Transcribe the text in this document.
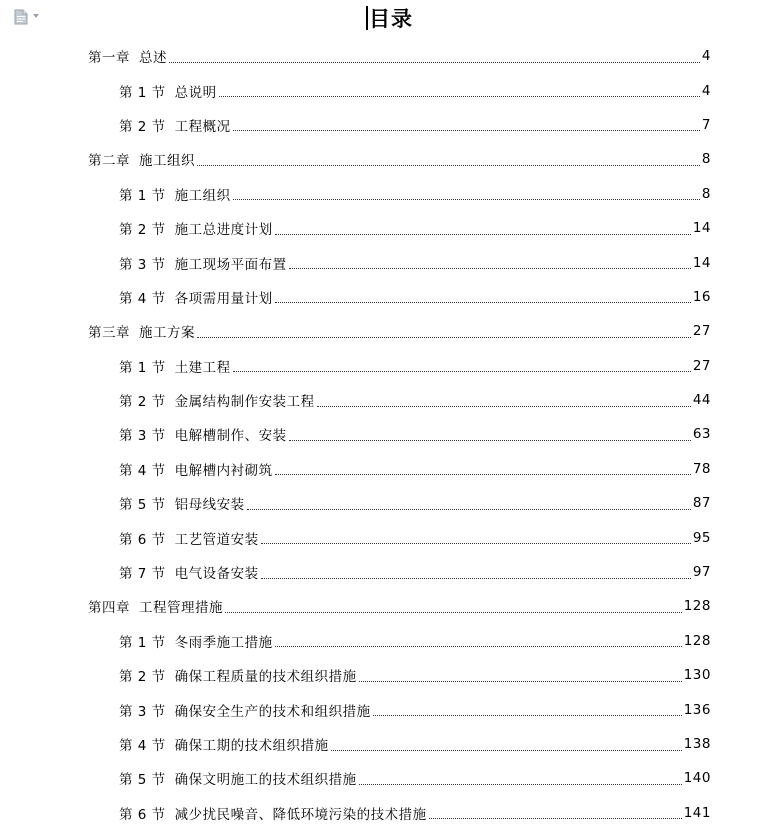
目录
第一章 总述	4
第 1 节 总说明	4
第 2 节 工程概况	7
第二章 施工组织	8
第 1 节 施工组织	8
第 2 节 施工总进度计划	14
第 3 节 施工现场平面布置	14
第 4 节 各项需用量计划	16
第三章 施工方案	27
第 1 节 土建工程	27
第 2 节 金属结构制作安装工程	44
第 3 节 电解槽制作、安装	63
第 4 节 电解槽内衬砌筑	78
第 5 节 铝母线安装	87
第 6 节 工艺管道安装	95
第 7 节 电气设备安装	97
第四章 工程管理措施	128
第 1 节 冬雨季施工措施	128
第 2 节 确保工程质量的技术组织措施	130
第 3 节 确保安全生产的技术和组织措施	136
第 4 节 确保工期的技术组织措施	138
第 5 节 确保文明施工的技术组织措施	140
第 6 节 减少扰民噪音、降低环境污染的技术措施	141
